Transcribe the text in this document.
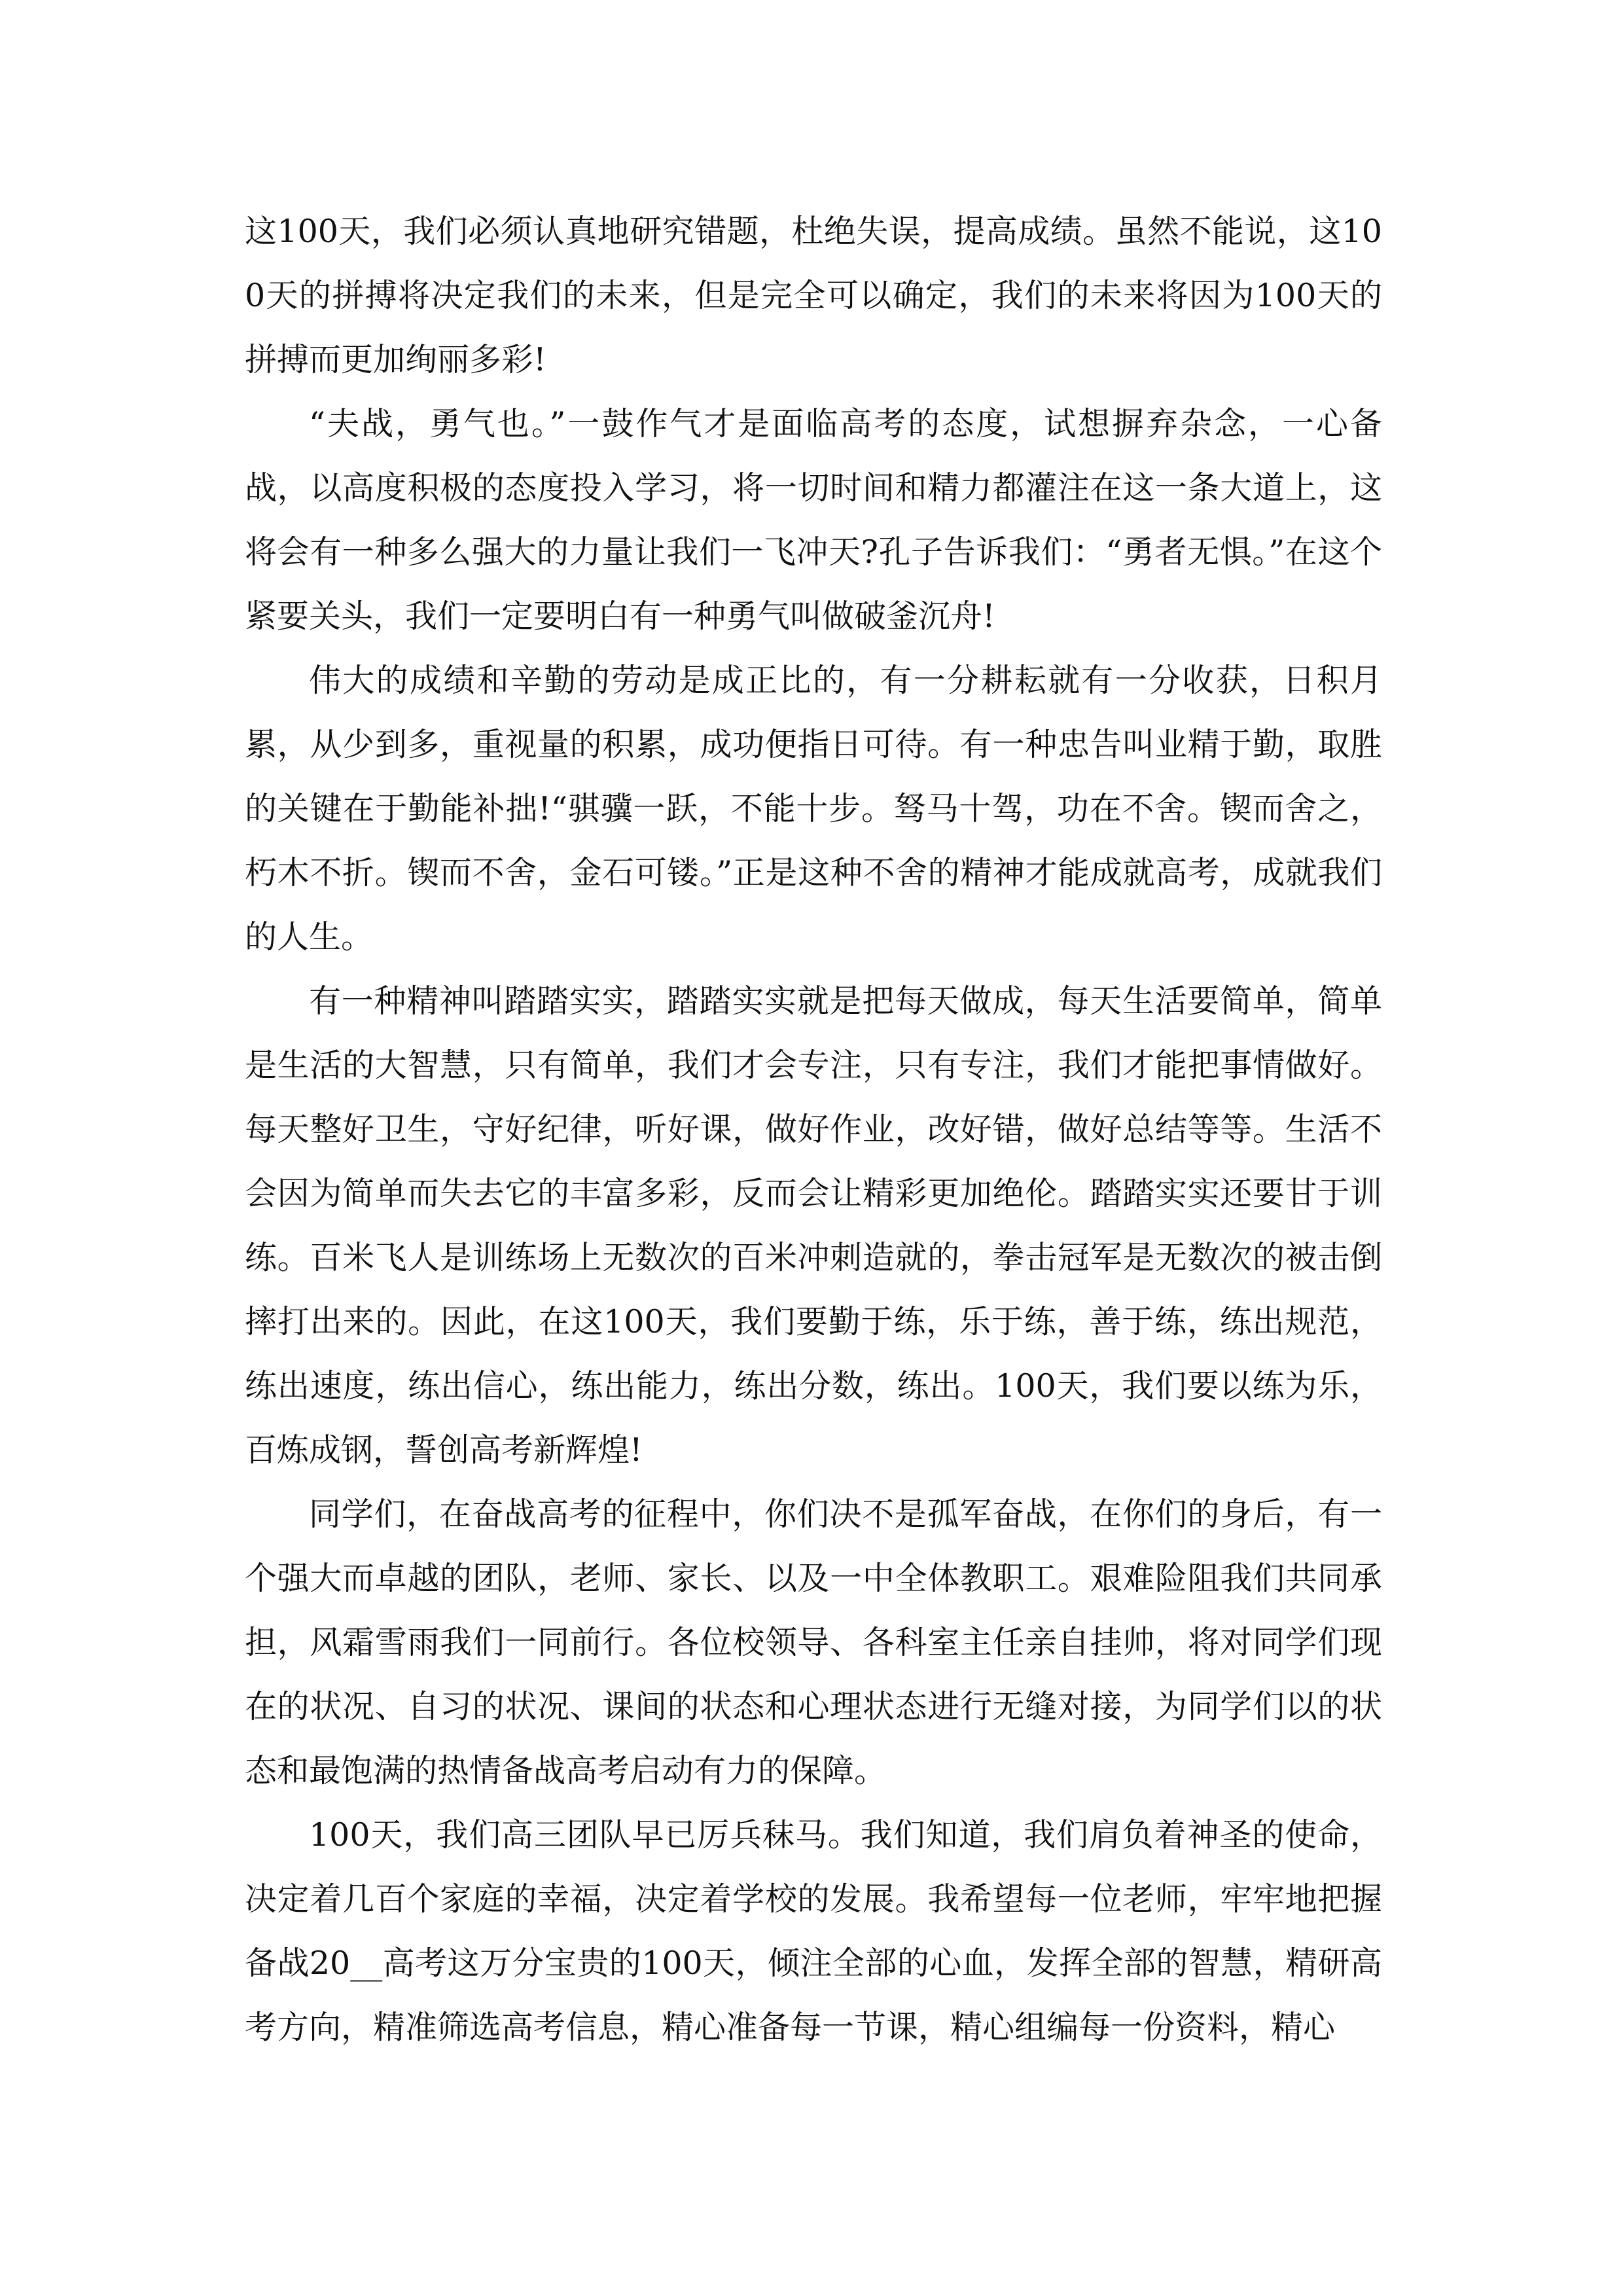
这100天，我们必须认真地研究错题，杜绝失误，提高成绩。虽然不能说，这100天的拼搏将决定我们的未来，但是完全可以确定，我们的未来将因为100天的拼搏而更加绚丽多彩!

“夫战，勇气也。”一鼓作气才是面临高考的态度，试想摒弃杂念，一心备战，以高度积极的态度投入学习，将一切时间和精力都灌注在这一条大道上，这将会有一种多么强大的力量让我们一飞冲天?孔子告诉我们：“勇者无惧。”在这个紧要关头，我们一定要明白有一种勇气叫做破釜沉舟!

伟大的成绩和辛勤的劳动是成正比的，有一分耕耘就有一分收获，日积月累，从少到多，重视量的积累，成功便指日可待。有一种忠告叫业精于勤，取胜的关键在于勤能补拙!“骐骥一跃，不能十步。驽马十驾，功在不舍。锲而舍之，朽木不折。锲而不舍，金石可镂。”正是这种不舍的精神才能成就高考，成就我们的人生。

有一种精神叫踏踏实实，踏踏实实就是把每天做成，每天生活要简单，简单是生活的大智慧，只有简单，我们才会专注，只有专注，我们才能把事情做好。每天整好卫生，守好纪律，听好课，做好作业，改好错，做好总结等等。生活不会因为简单而失去它的丰富多彩，反而会让精彩更加绝伦。踏踏实实还要甘于训练。百米飞人是训练场上无数次的百米冲刺造就的，拳击冠军是无数次的被击倒摔打出来的。因此，在这100天，我们要勤于练，乐于练，善于练，练出规范，练出速度，练出信心，练出能力，练出分数，练出。100天，我们要以练为乐，百炼成钢，誓创高考新辉煌!

同学们，在奋战高考的征程中，你们决不是孤军奋战，在你们的身后，有一个强大而卓越的团队，老师、家长、以及一中全体教职工。艰难险阻我们共同承担，风霜雪雨我们一同前行。各位校领导、各科室主任亲自挂帅，将对同学们现在的状况、自习的状况、课间的状态和心理状态进行无缝对接，为同学们以的状态和最饱满的热情备战高考启动有力的保障。

100天，我们高三团队早已厉兵秣马。我们知道，我们肩负着神圣的使命，决定着几百个家庭的幸福，决定着学校的发展。我希望每一位老师，牢牢地把握备战20__高考这万分宝贵的100天，倾注全部的心血，发挥全部的智慧，精研高考方向，精准筛选高考信息，精心准备每一节课，精心组编每一份资料，精心
